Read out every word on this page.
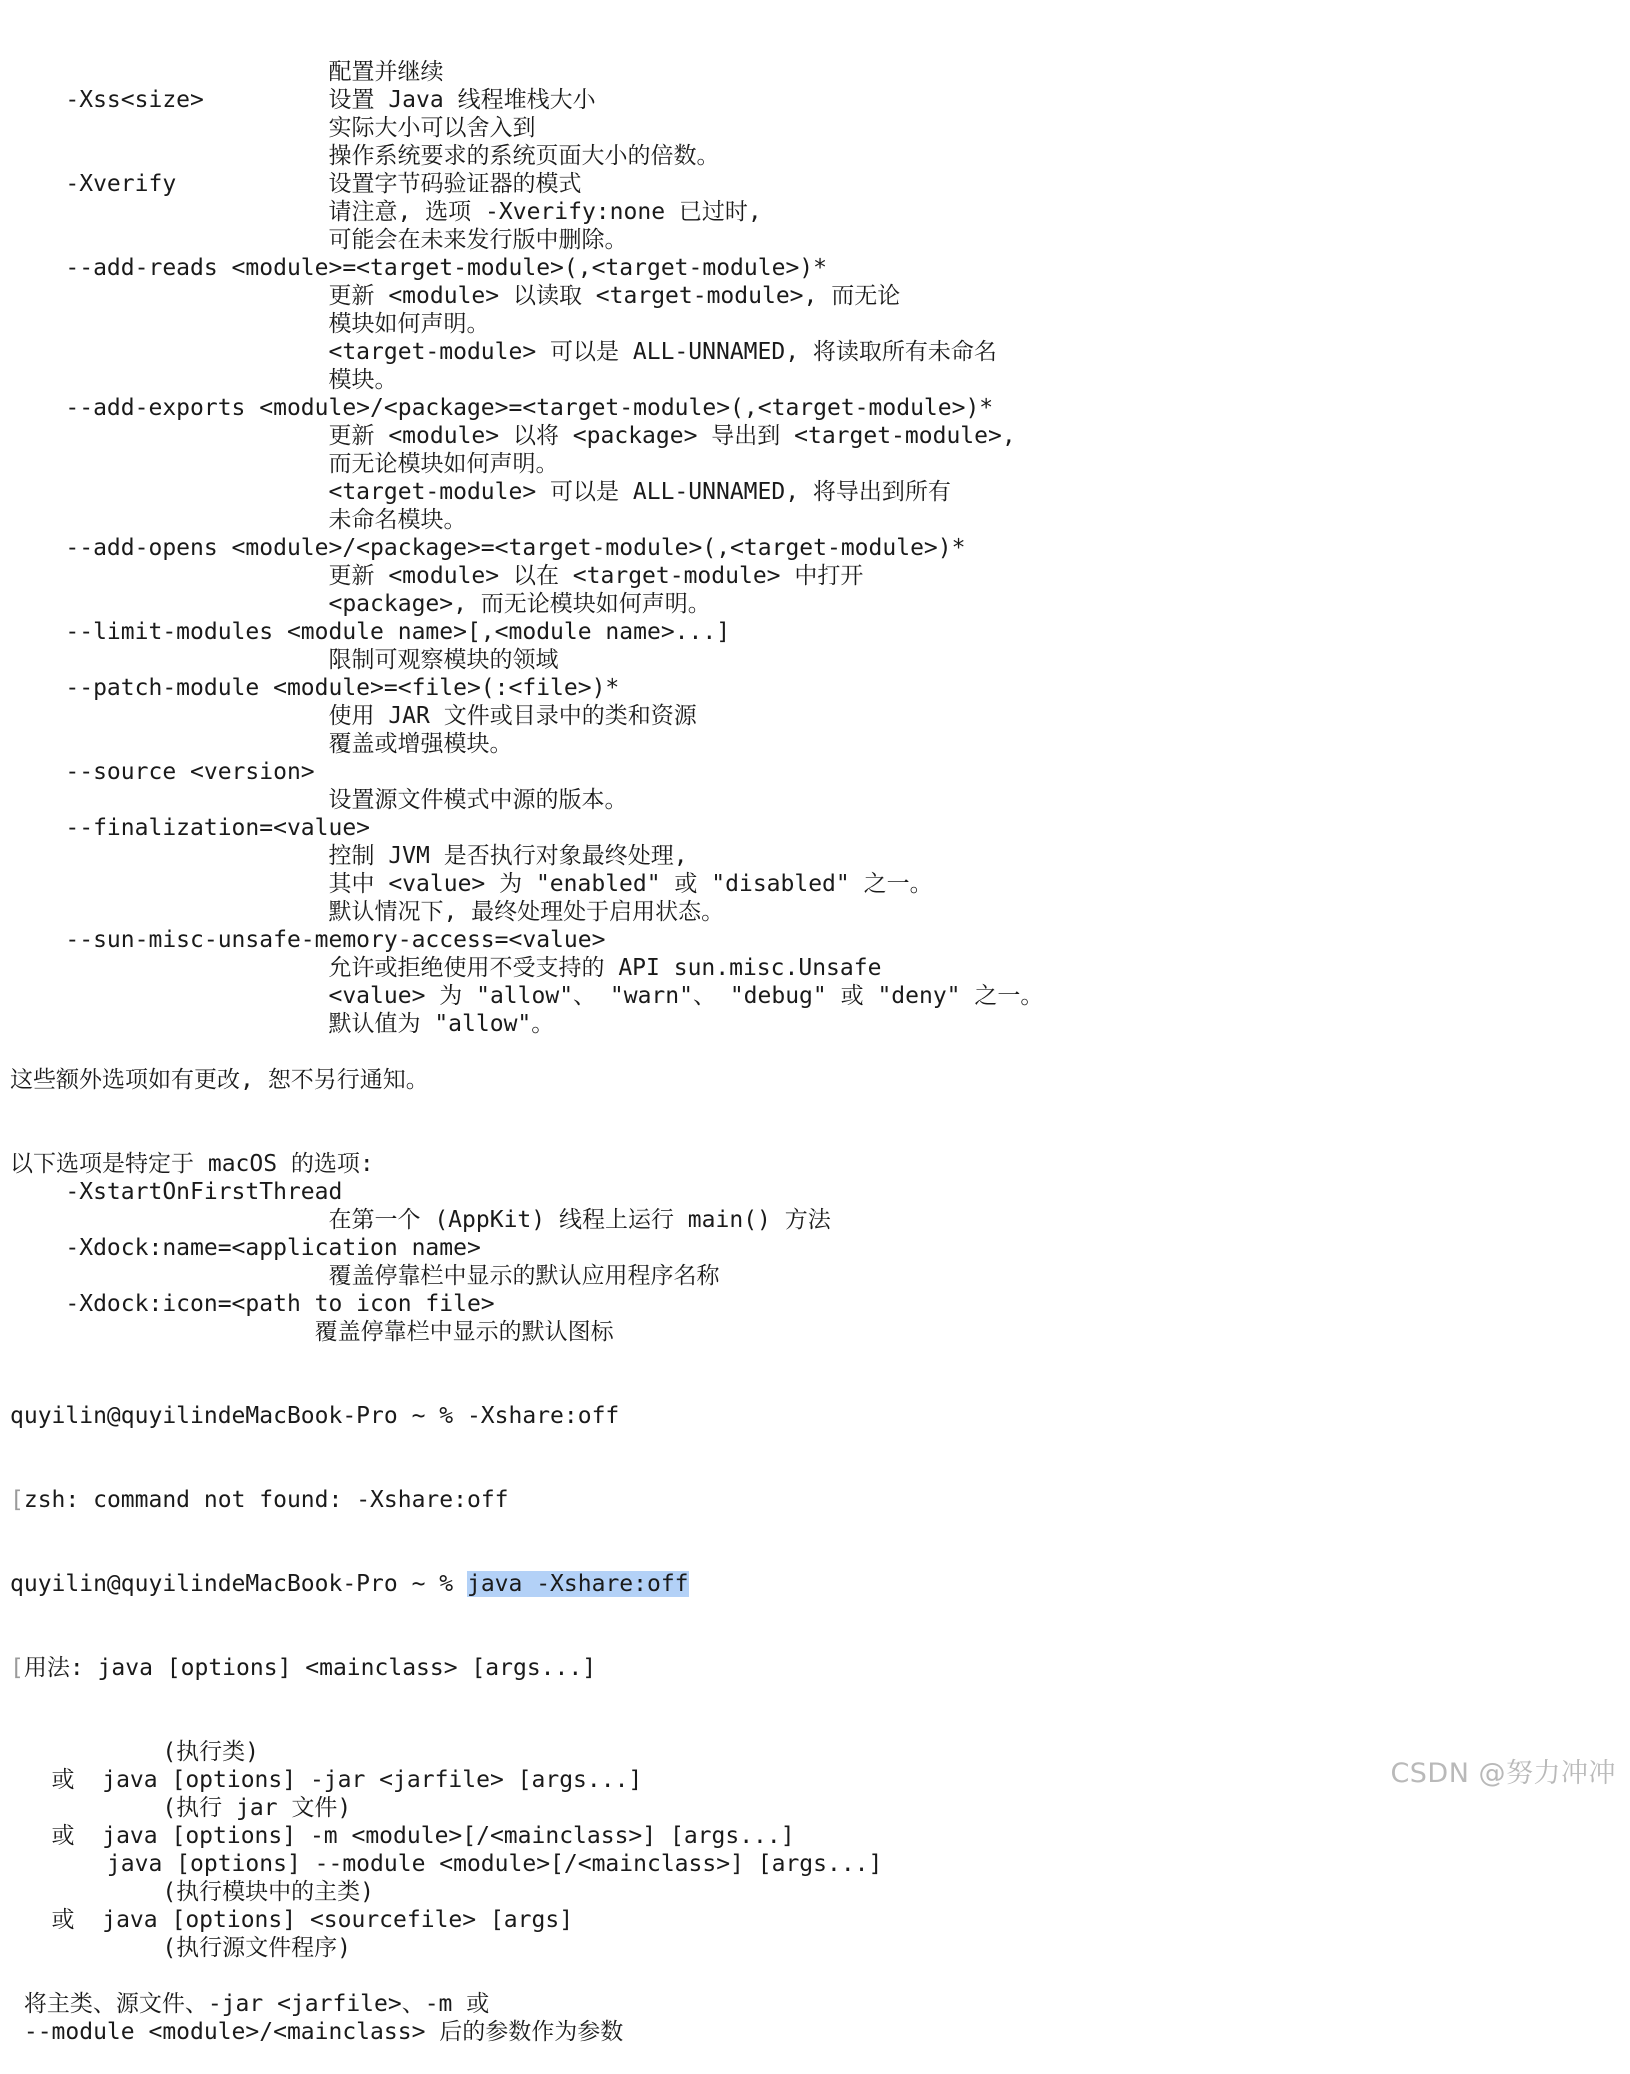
配置并继续
-Xss<size>         设置 Java 线程堆栈大小
实际大小可以舍入到
操作系统要求的系统页面大小的倍数。
-Xverify           设置字节码验证器的模式
请注意, 选项 -Xverify:none 已过时,
可能会在未来发行版中删除。
--add-reads <module>=<target-module>(,<target-module>)*
更新 <module> 以读取 <target-module>, 而无论
模块如何声明。
<target-module> 可以是 ALL-UNNAMED, 将读取所有未命名
模块。
--add-exports <module>/<package>=<target-module>(,<target-module>)*
更新 <module> 以将 <package> 导出到 <target-module>,
而无论模块如何声明。
<target-module> 可以是 ALL-UNNAMED, 将导出到所有
未命名模块。
--add-opens <module>/<package>=<target-module>(,<target-module>)*
更新 <module> 以在 <target-module> 中打开
<package>, 而无论模块如何声明。
--limit-modules <module name>[,<module name>...]
限制可观察模块的领域
--patch-module <module>=<file>(:<file>)*
使用 JAR 文件或目录中的类和资源
覆盖或增强模块。
--source <version>
设置源文件模式中源的版本。
--finalization=<value>
控制 JVM 是否执行对象最终处理,
其中 <value> 为 "enabled" 或 "disabled" 之一。
默认情况下, 最终处理处于启用状态。
--sun-misc-unsafe-memory-access=<value>
允许或拒绝使用不受支持的 API sun.misc.Unsafe
<value> 为 "allow"、 "warn"、 "debug" 或 "deny" 之一。
默认值为 "allow"。
这些额外选项如有更改, 恕不另行通知。
以下选项是特定于 macOS 的选项:
-XstartOnFirstThread
在第一个 (AppKit) 线程上运行 main() 方法
-Xdock:name=<application name>
覆盖停靠栏中显示的默认应用程序名称
-Xdock:icon=<path to icon file>
覆盖停靠栏中显示的默认图标
quyilin@quyilindeMacBook-Pro ~ % -Xshare:off

[zsh: command not found: -Xshare:off

quyilin@quyilindeMacBook-Pro ~ % java -Xshare:off

[用法: java [options] <mainclass> [args...]

(执行类)
或  java [options] -jar <jarfile> [args...]
(执行 jar 文件)
或  java [options] -m <module>[/<mainclass>] [args...]
java [options] --module <module>[/<mainclass>] [args...]
(执行模块中的主类)
或  java [options] <sourcefile> [args]
(执行源文件程序)
将主类、源文件、-jar <jarfile>、-m 或
--module <module>/<mainclass> 后的参数作为参数

CSDN @努力冲冲
